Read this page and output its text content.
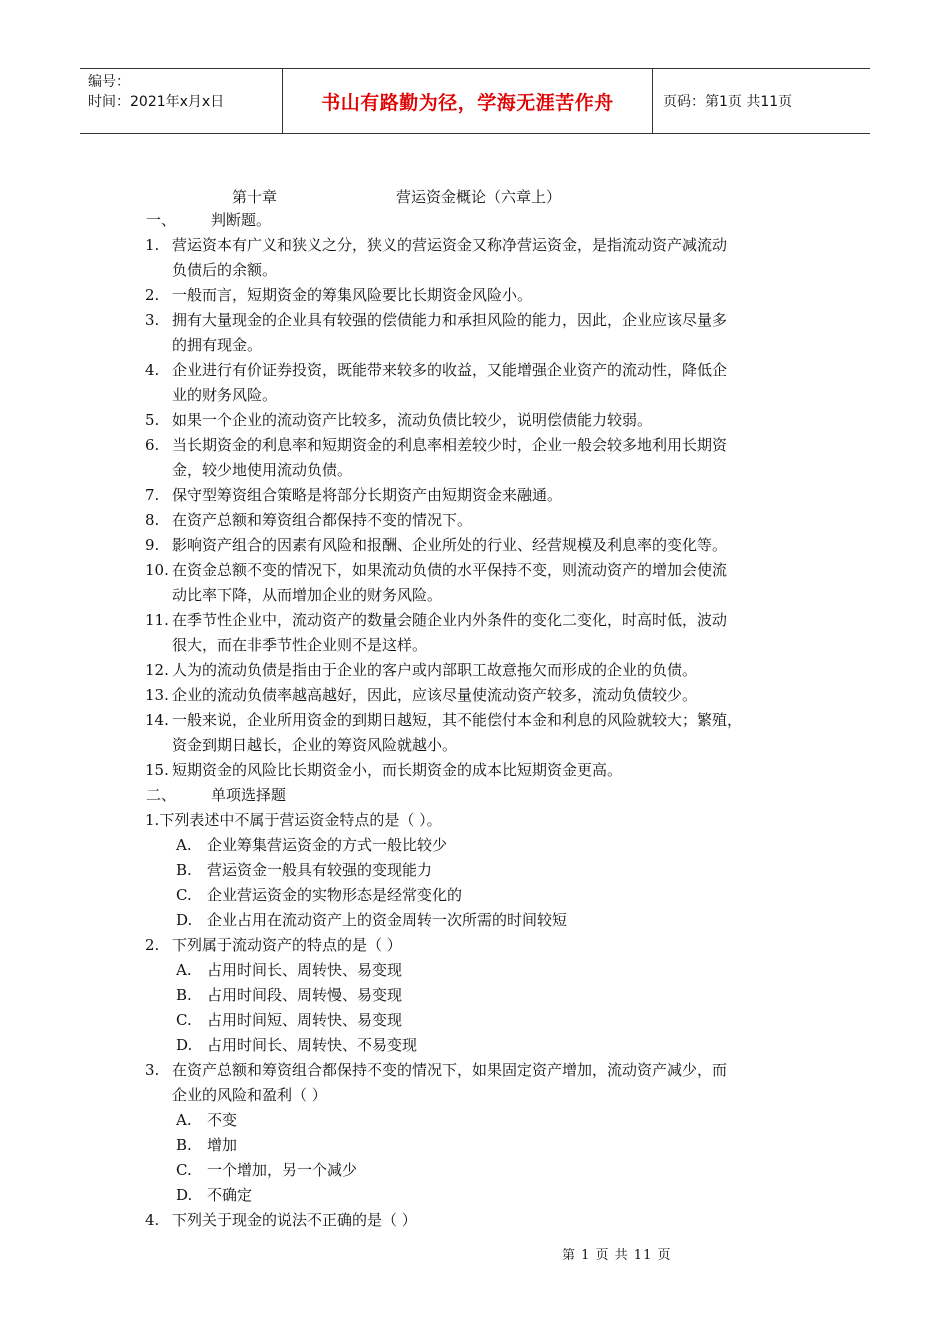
编号：
时间：2021年x月x日	书山有路勤为径，学海无涯苦作舟	页码：第1页 共11页
第十章	营运资金概论（六章上）
一、 判断题。
1. 营运资本有广义和狭义之分，狭义的营运资金又称净营运资金，是指流动资产减流动
负债后的余额。
2. 一般而言，短期资金的筹集风险要比长期资金风险小。
3. 拥有大量现金的企业具有较强的偿债能力和承担风险的能力，因此，企业应该尽量多
的拥有现金。
4. 企业进行有价证券投资，既能带来较多的收益，又能增强企业资产的流动性，降低企
业的财务风险。
5. 如果一个企业的流动资产比较多，流动负债比较少，说明偿债能力较弱。
6. 当长期资金的利息率和短期资金的利息率相差较少时，企业一般会较多地利用长期资
金，较少地使用流动负债。
7. 保守型筹资组合策略是将部分长期资产由短期资金来融通。
8. 在资产总额和筹资组合都保持不变的情况下。
9. 影响资产组合的因素有风险和报酬、企业所处的行业、经营规模及利息率的变化等。
10. 在资金总额不变的情况下，如果流动负债的水平保持不变，则流动资产的增加会使流
动比率下降，从而增加企业的财务风险。
11. 在季节性企业中，流动资产的数量会随企业内外条件的变化二变化，时高时低，波动
很大，而在非季节性企业则不是这样。
12. 人为的流动负债是指由于企业的客户或内部职工故意拖欠而形成的企业的负债。
13. 企业的流动负债率越高越好，因此，应该尽量使流动资产较多，流动负债较少。
14. 一般来说，企业所用资金的到期日越短，其不能偿付本金和利息的风险就较大；繁殖，
资金到期日越长，企业的筹资风险就越小。
15. 短期资金的风险比长期资金小，而长期资金的成本比短期资金更高。
二、 单项选择题
1.下列表述中不属于营运资金特点的是（ ）。
A. 企业筹集营运资金的方式一般比较少
B. 营运资金一般具有较强的变现能力
C. 企业营运资金的实物形态是经常变化的
D. 企业占用在流动资产上的资金周转一次所需的时间较短
2. 下列属于流动资产的特点的是（ ）
A. 占用时间长、周转快、易变现
B. 占用时间段、周转慢、易变现
C. 占用时间短、周转快、易变现
D. 占用时间长、周转快、不易变现
3. 在资产总额和筹资组合都保持不变的情况下，如果固定资产增加，流动资产减少，而
企业的风险和盈利（ ）
A. 不变
B. 增加
C. 一个增加，另一个减少
D. 不确定
4. 下列关于现金的说法不正确的是（ ）
第 1 页 共 11 页
